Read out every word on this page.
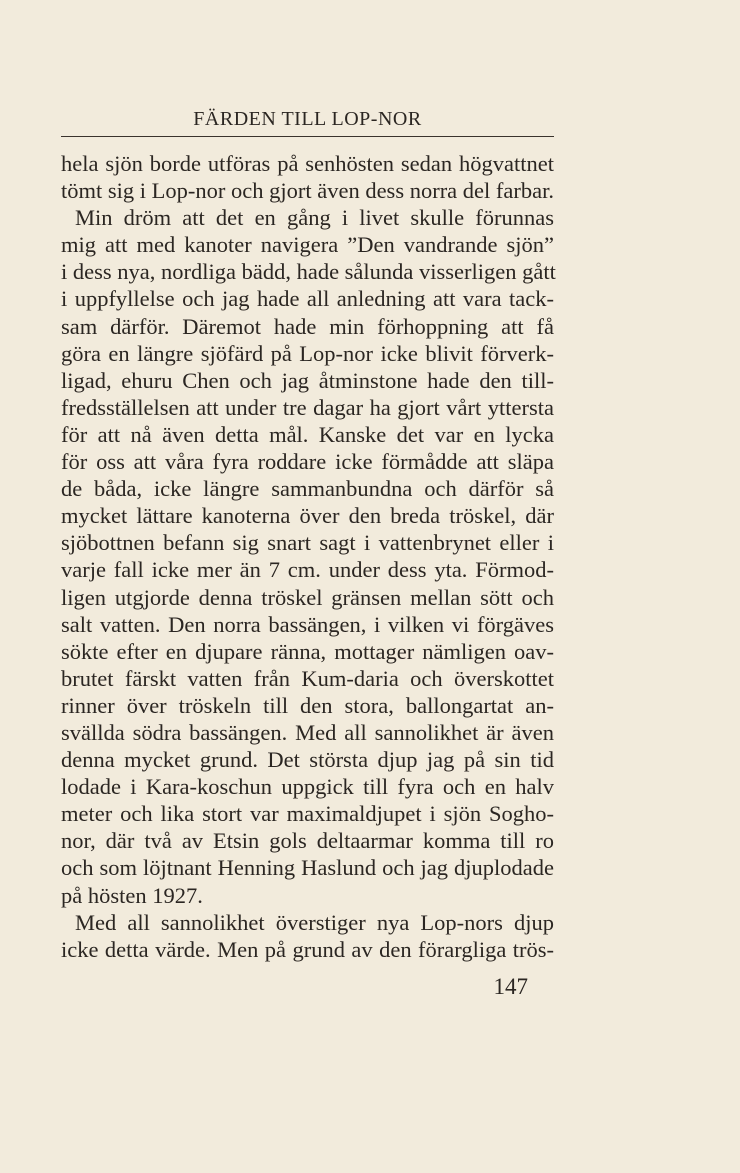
FÄRDEN TILL LOP-NOR
hela sjön borde utföras på senhösten sedan högvattnet
tömt sig i Lop-nor och gjort även dess norra del farbar.
Min dröm att det en gång i livet skulle förunnas
mig att med kanoter navigera ”Den vandrande sjön”
i dess nya, nordliga bädd, hade sålunda visserligen gått
i uppfyllelse och jag hade all anledning att vara tack-
sam därför. Däremot hade min förhoppning att få
göra en längre sjöfärd på Lop-nor icke blivit förverk-
ligad, ehuru Chen och jag åtminstone hade den till-
fredsställelsen att under tre dagar ha gjort vårt yttersta
för att nå även detta mål. Kanske det var en lycka
för oss att våra fyra roddare icke förmådde att släpa
de båda, icke längre sammanbundna och därför så
mycket lättare kanoterna över den breda tröskel, där
sjöbottnen befann sig snart sagt i vattenbrynet eller i
varje fall icke mer än 7 cm. under dess yta. Förmod-
ligen utgjorde denna tröskel gränsen mellan sött och
salt vatten. Den norra bassängen, i vilken vi förgäves
sökte efter en djupare ränna, mottager nämligen oav-
brutet färskt vatten från Kum-daria och överskottet
rinner över tröskeln till den stora, ballongartat an-
svällda södra bassängen. Med all sannolikhet är även
denna mycket grund. Det största djup jag på sin tid
lodade i Kara-koschun uppgick till fyra och en halv
meter och lika stort var maximaldjupet i sjön Sogho-
nor, där två av Etsin gols deltaarmar komma till ro
och som löjtnant Henning Haslund och jag djuplodade
på hösten 1927.
Med all sannolikhet överstiger nya Lop-nors djup
icke detta värde. Men på grund av den förargliga trös-
147
